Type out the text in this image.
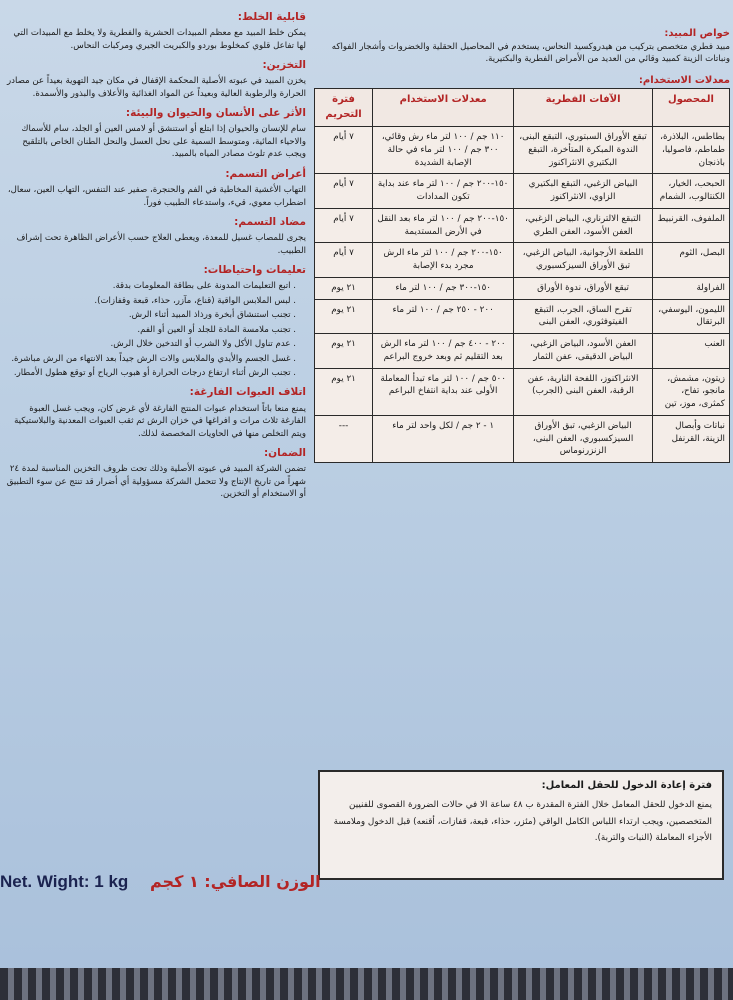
قابلية الخلط:

يمكن خلط المبيد مع معظم المبيدات الحشرية والفطرية ولا يخلط مع المبيدات التي لها تفاعل قلوي كمخلوط بوردو والكبريت الجيري ومركبات النحاس.

التخزين:

يخزن المبيد في عبوته الأصلية المحكمة الإقفال في مكان جيد التهوية بعيداً عن مصادر الحرارة والرطوبة العالية وبعيداً عن المواد الغذائية والأعلاف والبذور والأسمدة.

الأثر على الأنسان والحيوان والبيئة:

سام للإنسان والحيوان إذا ابتلع أو استنشق أو لامس العين أو الجلد، سام للأسماك والاحياء المائية، ومتوسط السمية على نحل العسل والنحل الطنان الخاص بالتلقيح ويجب عدم تلوث مصادر المياه بالمبيد.

أعراض التسمم:

التهاب الأغشية المخاطية في الفم والحنجرة، صفير عند التنفس، التهاب العين، سعال، اضطراب معوي، قيء، واستدعاء الطبيب فوراً.

مضاد التسمم:

يجرى للمصاب غسيل للمعدة، ويعطى العلاج حسب الأعراض الظاهرة تحت إشراف الطبيب.

تعليمات واحتياطات:
. اتبع التعليمات المدونة على بطاقة المعلومات بدقة.
. لبس الملابس الواقية (قناع، مآزر، حذاء، قبعة وقفازات).
. تجنب استنشاق أبخرة ورذاذ المبيد أثناء الرش.
. تجنب ملامسة المادة للجلد أو العين أو الفم.
. عدم تناول الأكل ولا الشرب أو التدخين خلال الرش.
. غسل الجسم والأيدي والملابس والات الرش جيداً بعد الانتهاء من الرش مباشرة.
. تجنب الرش أثناء ارتفاع درجات الحرارة أو هبوب الرياح أو توقع هطول الأمطار.
اتلاف العبوات الفارغة:

يمنع منعا باتاً استخدام عبوات المنتج الفارغة لأي غرض كان، ويجب غسل العبوة الفارغة ثلاث مرات و افراغها في خزان الرش ثم ثقب العبوات المعدنية والبلاستيكية ويتم التخلص منها في الحاويات المخصصة لذلك.

الضمان:

تضمن الشركة المبيد في عبوته الأصلية وذلك تحت ظروف التخزين المناسبة لمدة ٢٤ شهراً من تاريخ الإنتاج ولا تتحمل الشركة مسؤولية أي أضرار قد تنتج عن سوء التطبيق أو الاستخدام أو التخزين.

خواص المبيد:
مبيد فطري متخصص بتركيب من هيدروكسيد النحاس، يستخدم في المحاصيل الحقلية والخضروات وأشجار الفواكه ونباتات الزينة كمبيد وقائي من العديد من الأمراض الفطرية والبكتيرية.
معدلات الاستخدام:
المحصول	الآفات الفطرية	معدلات الاستخدام	فترة التحريم
بطاطس، البلاذرة، طماطم، فاصوليا، باذنجان	تبقع الأوراق السبتوري، التبقع البنى، الندوة المبكرة المتأخرة، التبقع البكتيري الانثراكنوز	١١٠ جم / ١٠٠ لتر ماء رش وقائي، ٣٠٠ جم / ١٠٠ لتر ماء في حالة الإصابة الشديدة	٧ أيام
الحبحب، الخيار، الكنتالوب، الشمام	البياض الزغبي، التبقع البكتيري الزاوي، الانثراكنوز	١٥٠-٢٠٠ جم / ١٠٠ لتر ماء عند بداية تكون المدادات	٧ أيام
الملفوف، القرنبيط	التبقع الالترناري، البياض الزغبي، العفن الأسود، العفن الطري	١٥٠-٢٠٠ جم / ١٠٠ لتر ماء بعد النقل في الأرض المستديمة	٧ أيام
البصل، الثوم	اللطعة الأرجوانية، البياض الزغبي، تبق الأوراق السيزكسبوري	١٥٠-٢٠٠ جم / ١٠٠ لتر ماء الرش مجرد بدء الإصابة	٧ أيام
الفراولة	تبقع الأوراق، ندوة الأوراق	١٥٠-٣٠٠ جم / ١٠٠ لتر ماء	٢١ يوم
الليمون، اليوسفي، البرتقال	تقرح الساق، الجرب، التبقع الفيتوفثوري، العفن البنى	٢٠٠ - ٢٥٠ جم / ١٠٠ لتر ماء	٢١ يوم
العنب	العفن الأسود، البياض الزغبي، البياض الدقيقى، عفن الثمار	٢٠٠ - ٤٠٠ جم / ١٠٠ لتر ماء الرش بعد التقليم ثم وبعد خروج البراعم	٢١ يوم
زيتون، مشمش، مانجو، تفاح، كمثرى، موز، تين	الانثراكنوز، اللفحة النارية، عفن الرقبة، العفن البنى (الجرب)	٥٠٠ جم / ١٠٠ لتر ماء تبدأ المعاملة الأولى عند بداية انتفاخ البراعم	٢١ يوم
نباتات وأبصال الزينة، القرنفل	البياض الزغبي، تبق الأوراق السيزكسبوري، العفن البنى، الزنزرنوماس	١ - ٢ جم / لكل واحد لتر ماء	---
فترة إعادة الدخول للحقل المعامل:
يمنع الدخول للحقل المعامل خلال الفترة المقدرة ب ٤٨ ساعة الا في حالات الضرورة القصوى للفنيين المتخصصين، ويجب ارتداء اللباس الكامل الواقي (مئزر، حذاء، قبعة، قفازات، أقنعه) قبل الدخول وملامسة الأجزاء المعاملة (النبات والتربة).
Net. Wight: 1 kg الوزن الصافي: ١ كجم
